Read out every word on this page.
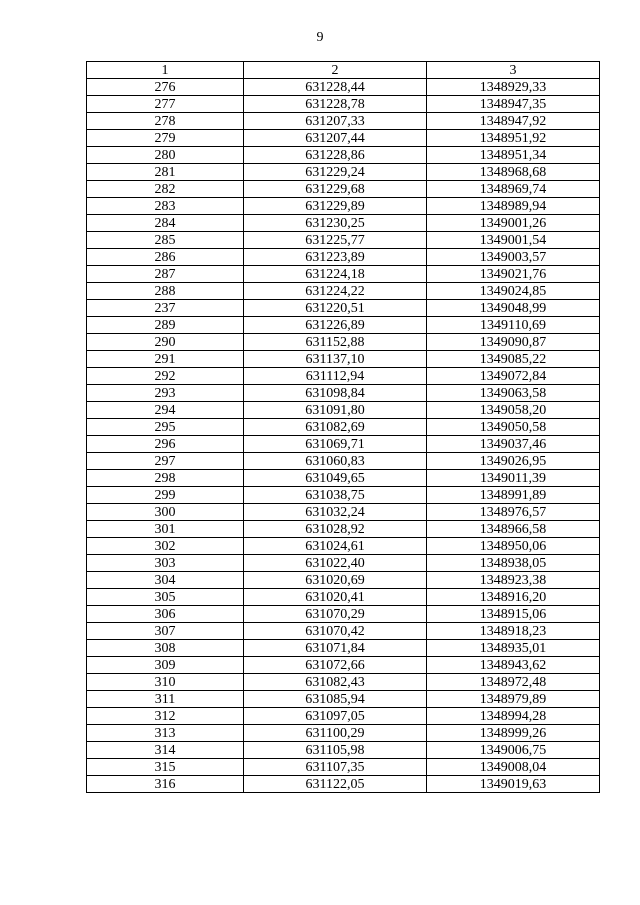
9
1	2	3
276	631228,44	1348929,33
277	631228,78	1348947,35
278	631207,33	1348947,92
279	631207,44	1348951,92
280	631228,86	1348951,34
281	631229,24	1348968,68
282	631229,68	1348969,74
283	631229,89	1348989,94
284	631230,25	1349001,26
285	631225,77	1349001,54
286	631223,89	1349003,57
287	631224,18	1349021,76
288	631224,22	1349024,85
237	631220,51	1349048,99
289	631226,89	1349110,69
290	631152,88	1349090,87
291	631137,10	1349085,22
292	631112,94	1349072,84
293	631098,84	1349063,58
294	631091,80	1349058,20
295	631082,69	1349050,58
296	631069,71	1349037,46
297	631060,83	1349026,95
298	631049,65	1349011,39
299	631038,75	1348991,89
300	631032,24	1348976,57
301	631028,92	1348966,58
302	631024,61	1348950,06
303	631022,40	1348938,05
304	631020,69	1348923,38
305	631020,41	1348916,20
306	631070,29	1348915,06
307	631070,42	1348918,23
308	631071,84	1348935,01
309	631072,66	1348943,62
310	631082,43	1348972,48
311	631085,94	1348979,89
312	631097,05	1348994,28
313	631100,29	1348999,26
314	631105,98	1349006,75
315	631107,35	1349008,04
316	631122,05	1349019,63
